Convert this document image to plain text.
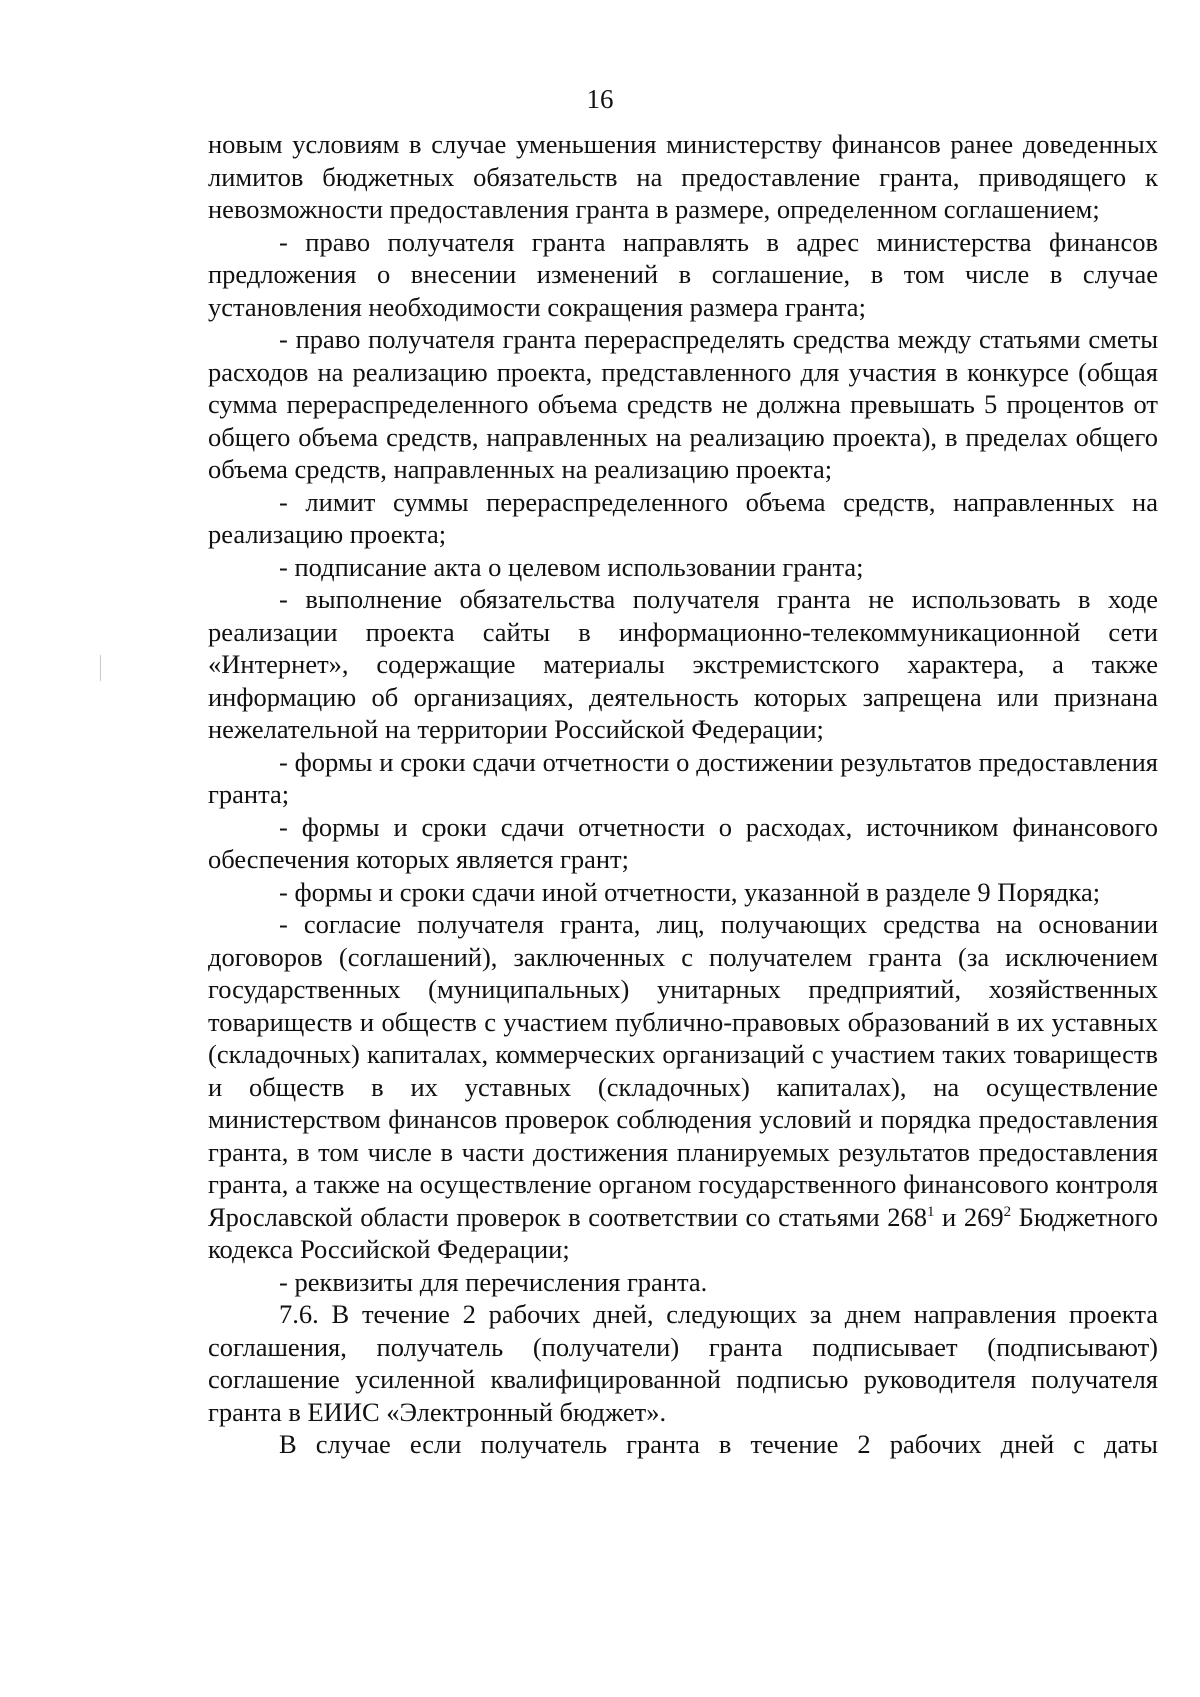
16

новым условиям в случае уменьшения министерству финансов ранее доведенных лимитов бюджетных обязательств на предоставление гранта, приводящего к невозможности предоставления гранта в размере, определенном соглашением;

- право получателя гранта направлять в адрес министерства финансов предложения о внесении изменений в соглашение, в том числе в случае установления необходимости сокращения размера гранта;

- право получателя гранта перераспределять средства между статьями сметы расходов на реализацию проекта, представленного для участия в конкурсе (общая сумма перераспределенного объема средств не должна превышать 5 процентов от общего объема средств, направленных на реализацию проекта), в пределах общего объема средств, направленных на реализацию проекта;

- лимит суммы перераспределенного объема средств, направленных на реализацию проекта;

- подписание акта о целевом использовании гранта;

- выполнение обязательства получателя гранта не использовать в ходе реализации проекта сайты в информационно-телекоммуникационной сети «Интернет», содержащие материалы экстремистского характера, а также информацию об организациях, деятельность которых запрещена или признана нежелательной на территории Российской Федерации;

- формы и сроки сдачи отчетности о достижении результатов предоставления гранта;

- формы и сроки сдачи отчетности о расходах, источником финансового обеспечения которых является грант;

- формы и сроки сдачи иной отчетности, указанной в разделе 9 Порядка;

- согласие получателя гранта, лиц, получающих средства на основании договоров (соглашений), заключенных с получателем гранта (за исключением государственных (муниципальных) унитарных предприятий, хозяйственных товариществ и обществ с участием публично-правовых образований в их уставных (складочных) капиталах, коммерческих организаций с участием таких товариществ и обществ в их уставных (складочных) капиталах), на осуществление министерством финансов проверок соблюдения условий и порядка предоставления гранта, в том числе в части достижения планируемых результатов предоставления гранта, а также на осуществление органом государственного финансового контроля Ярославской области проверок в соответствии со статьями $268^1$ и $269^2$ Бюджетного кодекса Российской Федерации;

- реквизиты для перечисления гранта.

7.6. В течение 2 рабочих дней, следующих за днем направления проекта соглашения, получатель (получатели) гранта подписывает (подписывают) соглашение усиленной квалифицированной подписью руководителя получателя гранта в ЕИИС «Электронный бюджет».

В случае если получатель гранта в течение 2 рабочих дней с даты
